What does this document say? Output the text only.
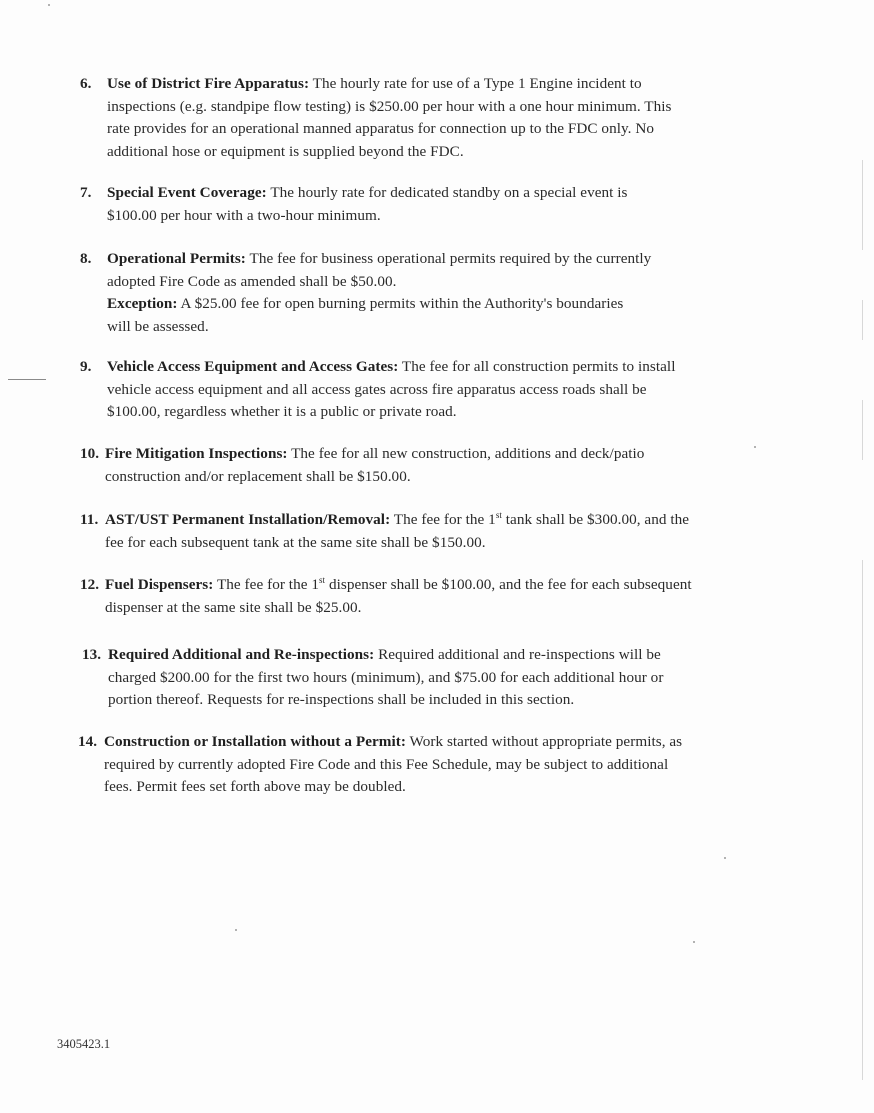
6. Use of District Fire Apparatus: The hourly rate for use of a Type 1 Engine incident to
inspections (e.g. standpipe flow testing) is $250.00 per hour with a one hour minimum. This
rate provides for an operational manned apparatus for connection up to the FDC only. No
additional hose or equipment is supplied beyond the FDC.
7. Special Event Coverage: The hourly rate for dedicated standby on a special event is
$100.00 per hour with a two-hour minimum.
8. Operational Permits: The fee for business operational permits required by the currently
adopted Fire Code as amended shall be $50.00.
Exception: A $25.00 fee for open burning permits within the Authority's boundaries
will be assessed.
9. Vehicle Access Equipment and Access Gates: The fee for all construction permits to install
vehicle access equipment and all access gates across fire apparatus access roads shall be
$100.00, regardless whether it is a public or private road.
10. Fire Mitigation Inspections: The fee for all new construction, additions and deck/patio
construction and/or replacement shall be $150.00.
11. AST/UST Permanent Installation/Removal: The fee for the 1st tank shall be $300.00, and the
fee for each subsequent tank at the same site shall be $150.00.
12. Fuel Dispensers: The fee for the 1st dispenser shall be $100.00, and the fee for each subsequent
dispenser at the same site shall be $25.00.
13. Required Additional and Re-inspections: Required additional and re-inspections will be
charged $200.00 for the first two hours (minimum), and $75.00 for each additional hour or
portion thereof. Requests for re-inspections shall be included in this section.
14. Construction or Installation without a Permit: Work started without appropriate permits, as
required by currently adopted Fire Code and this Fee Schedule, may be subject to additional
fees. Permit fees set forth above may be doubled.
3405423.1
